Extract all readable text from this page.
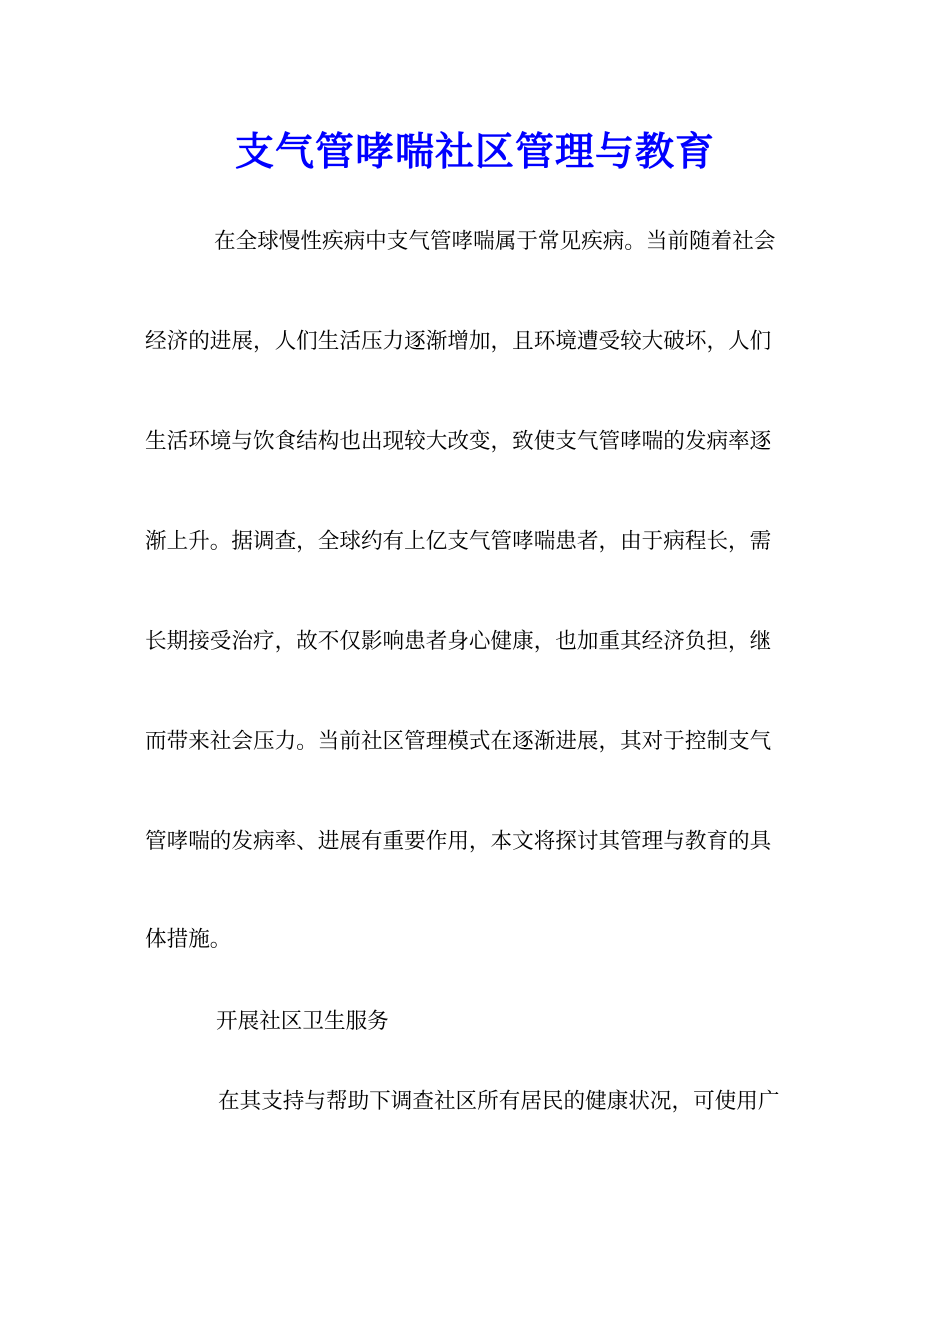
支气管哮喘社区管理与教育

在全球慢性疾病中支气管哮喘属于常见疾病。当前随着社会

经济的进展，人们生活压力逐渐增加，且环境遭受较大破坏，人们

生活环境与饮食结构也出现较大改变，致使支气管哮喘的发病率逐

渐上升。据调查，全球约有上亿支气管哮喘患者，由于病程长，需

长期接受治疗，故不仅影响患者身心健康，也加重其经济负担，继

而带来社会压力。当前社区管理模式在逐渐进展，其对于控制支气

管哮喘的发病率、进展有重要作用，本文将探讨其管理与教育的具

体措施。

开展社区卫生服务

在其支持与帮助下调查社区所有居民的健康状况，可使用广
